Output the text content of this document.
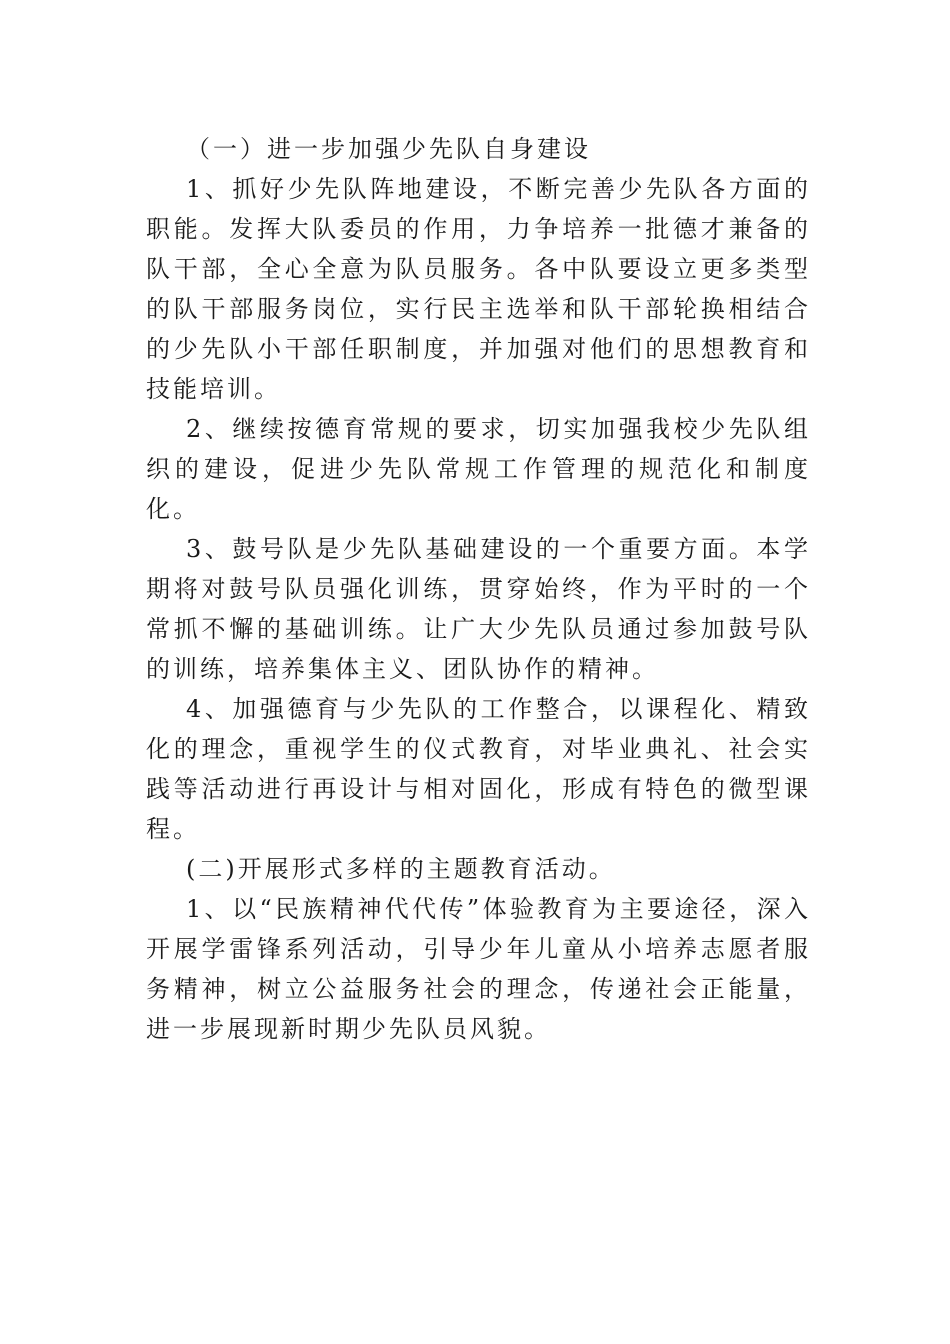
（一）进一步加强少先队自身建设

1、抓好少先队阵地建设，不断完善少先队各方面的职能。发挥大队委员的作用，力争培养一批德才兼备的队干部，全心全意为队员服务。各中队要设立更多类型的队干部服务岗位，实行民主选举和队干部轮换相结合的少先队小干部任职制度，并加强对他们的思想教育和技能培训。

2、继续按德育常规的要求，切实加强我校少先队组织的建设，促进少先队常规工作管理的规范化和制度化。

3、鼓号队是少先队基础建设的一个重要方面。本学期将对鼓号队员强化训练，贯穿始终，作为平时的一个常抓不懈的基础训练。让广大少先队员通过参加鼓号队的训练，培养集体主义、团队协作的精神。

4、加强德育与少先队的工作整合，以课程化、精致化的理念，重视学生的仪式教育，对毕业典礼、社会实践等活动进行再设计与相对固化，形成有特色的微型课程。

(二)开展形式多样的主题教育活动。

1、以“民族精神代代传”体验教育为主要途径，深入开展学雷锋系列活动，引导少年儿童从小培养志愿者服务精神，树立公益服务社会的理念，传递社会正能量，进一步展现新时期少先队员风貌。
